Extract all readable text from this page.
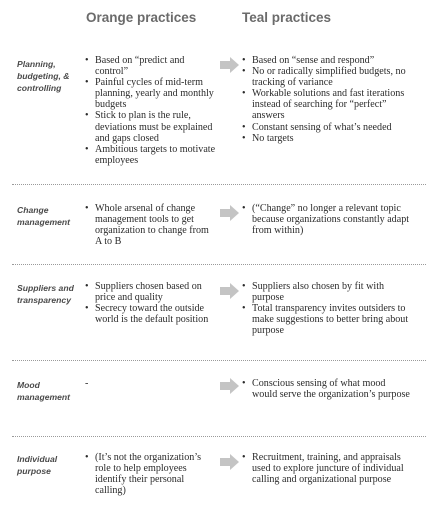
Orange practices	Teal practices
Planning, budgeting, & controlling
• Based on “predict and control”
• Painful cycles of mid-term planning, yearly and monthly budgets
• Stick to plan is the rule, deviations must be explained and gaps closed
• Ambitious targets to motivate employees
• Based on “sense and respond”
• No or radically simplified budgets, no tracking of variance
• Workable solutions and fast iterations instead of searching for “perfect” answers
• Constant sensing of what’s needed
• No targets
Change management
• Whole arsenal of change management tools to get organization to change from A to B
• (“Change” no longer a relevant topic because organizations constantly adapt from within)
Suppliers and transparency
• Suppliers chosen based on price and quality
• Secrecy toward the outside world is the default position
• Suppliers also chosen by fit with purpose
• Total transparency invites outsiders to make suggestions to better bring about purpose
Mood management
-
•	Conscious sensing of what mood would serve the organization’s purpose
Individual purpose
• (It’s not the organization’s role to help employees identify their personal calling)
• Recruitment, training, and appraisals used to explore juncture of individual calling and organizational purpose
